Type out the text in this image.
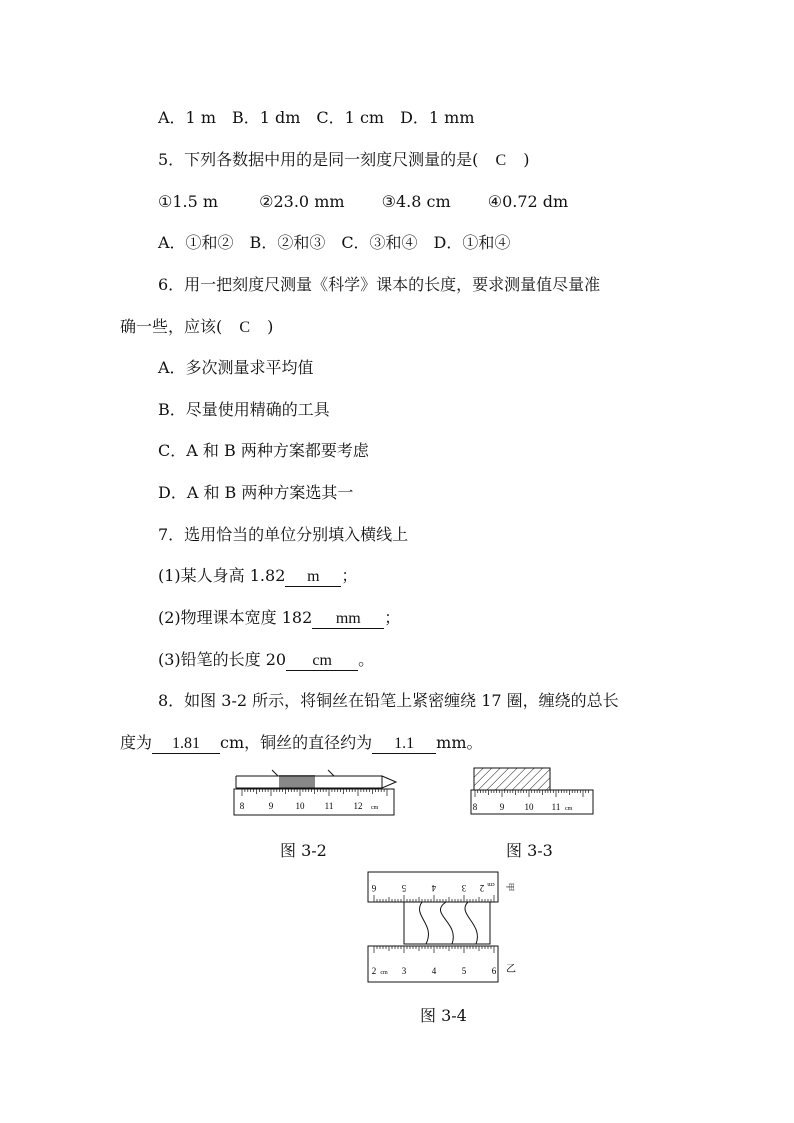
A．1 m　B．1 dm　C．1 cm　D．1 mm
5．下列各数据中用的是同一刻度尺测量的是( C )
①1.5 m	②23.0 mm ③4.8 cm ④0.72 dm
A．①和②　B．②和③　C．③和④　D．①和④
6．用一把刻度尺测量《科学》课本的长度，要求测量值尽量准
确一些，应该( C )
A．多次测量求平均值
B．尽量使用精确的工具
C．A 和 B 两种方案都要考虑
D．A 和 B 两种方案选其一
7．选用恰当的单位分别填入横线上
(1)某人身高 1.82 m ；
(2)物理课本宽度 182 mm ；
(3)铅笔的长度 20 cm 。
8．如图 3-2 所示，将铜丝在铅笔上紧密缠绕 17 圈，缠绕的总长
度为 1.81 cm，铜丝的直径约为 1.1 mm。
8	9 10 11 12 cm
图 3-2
8	9 10 11 cm
图 3-3
6	5	4	3 2 cm 甲
2 cm 3	4	5	6 乙
图 3-4
